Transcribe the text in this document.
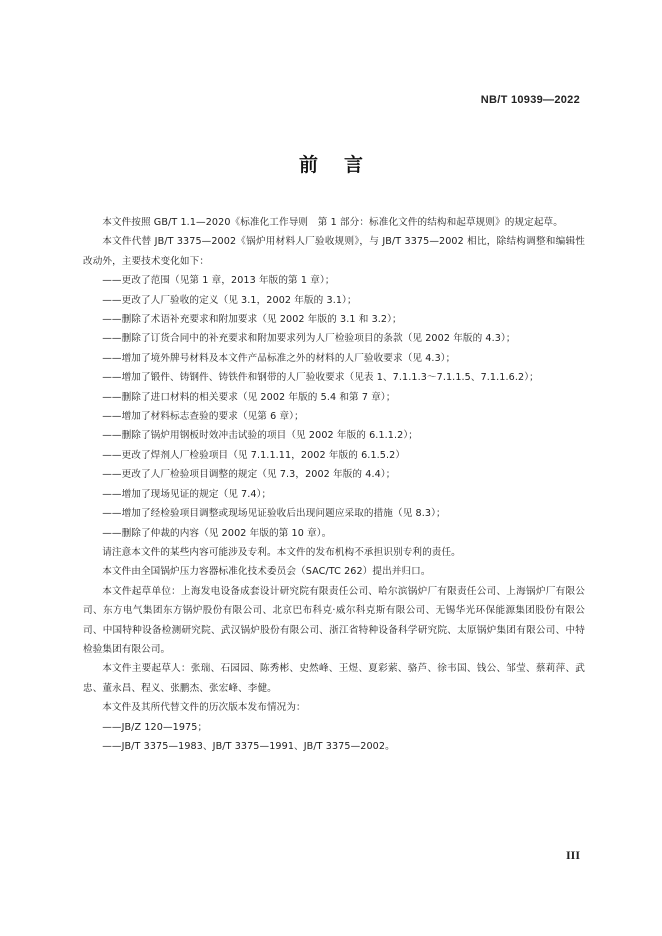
NB/T 10939—2022
前言

本文件按照 GB/T 1.1—2020《标准化工作导则　第 1 部分：标准化文件的结构和起草规则》的规定起草。

本文件代替 JB/T 3375—2002《锅炉用材料人厂验收规则》，与 JB/T 3375—2002 相比，除结构调整和编辑性改动外，主要技术变化如下：

——更改了范围（见第 1 章，2013 年版的第 1 章）；

——更改了人厂验收的定义（见 3.1，2002 年版的 3.1）；

——删除了术语补充要求和附加要求（见 2002 年版的 3.1 和 3.2）；

——删除了订货合同中的补充要求和附加要求列为人厂检验项目的条款（见 2002 年版的 4.3）；

——增加了境外牌号材料及本文件产品标准之外的材料的人厂验收要求（见 4.3）；

——增加了锻件、铸钢件、铸铁件和钢带的人厂验收要求（见表 1、7.1.1.3～7.1.1.5、7.1.1.6.2）；

——删除了进口材料的相关要求（见 2002 年版的 5.4 和第 7 章）；

——增加了材料标志查验的要求（见第 6 章）；

——删除了锅炉用钢板时效冲击试验的项目（见 2002 年版的 6.1.1.2）；

——更改了焊剂人厂检验项目（见 7.1.1.11，2002 年版的 6.1.5.2）

——更改了人厂检验项目调整的规定（见 7.3，2002 年版的 4.4）；

——增加了现场见证的规定（见 7.4）；

——增加了经检验项目调整或现场见证验收后出现问题应采取的措施（见 8.3）；

——删除了仲裁的内容（见 2002 年版的第 10 章）。

请注意本文件的某些内容可能涉及专利。本文件的发布机构不承担识别专利的责任。

本文件由全国锅炉压力容器标准化技术委员会（SAC/TC 262）提出并归口。

本文件起草单位：上海发电设备成套设计研究院有限责任公司、哈尔滨锅炉厂有限责任公司、上海锅炉厂有限公司、东方电气集团东方锅炉股份有限公司、北京巴布科克·威尔科克斯有限公司、无锡华光环保能源集团股份有限公司、中国特种设备检测研究院、武汉锅炉股份有限公司、浙江省特种设备科学研究院、太原锅炉集团有限公司、中特检验集团有限公司。

本文件主要起草人：张瑞、石园园、陈秀彬、史然峰、王煜、夏彩萦、骆芦、徐韦国、钱公、邹莹、蔡莉萍、武忠、董永昌、程义、张鹏杰、张宏峰、李健。

本文件及其所代替文件的历次版本发布情况为：

——JB/Z 120—1975；

——JB/T 3375—1983、JB/T 3375—1991、JB/T 3375—2002。

III
